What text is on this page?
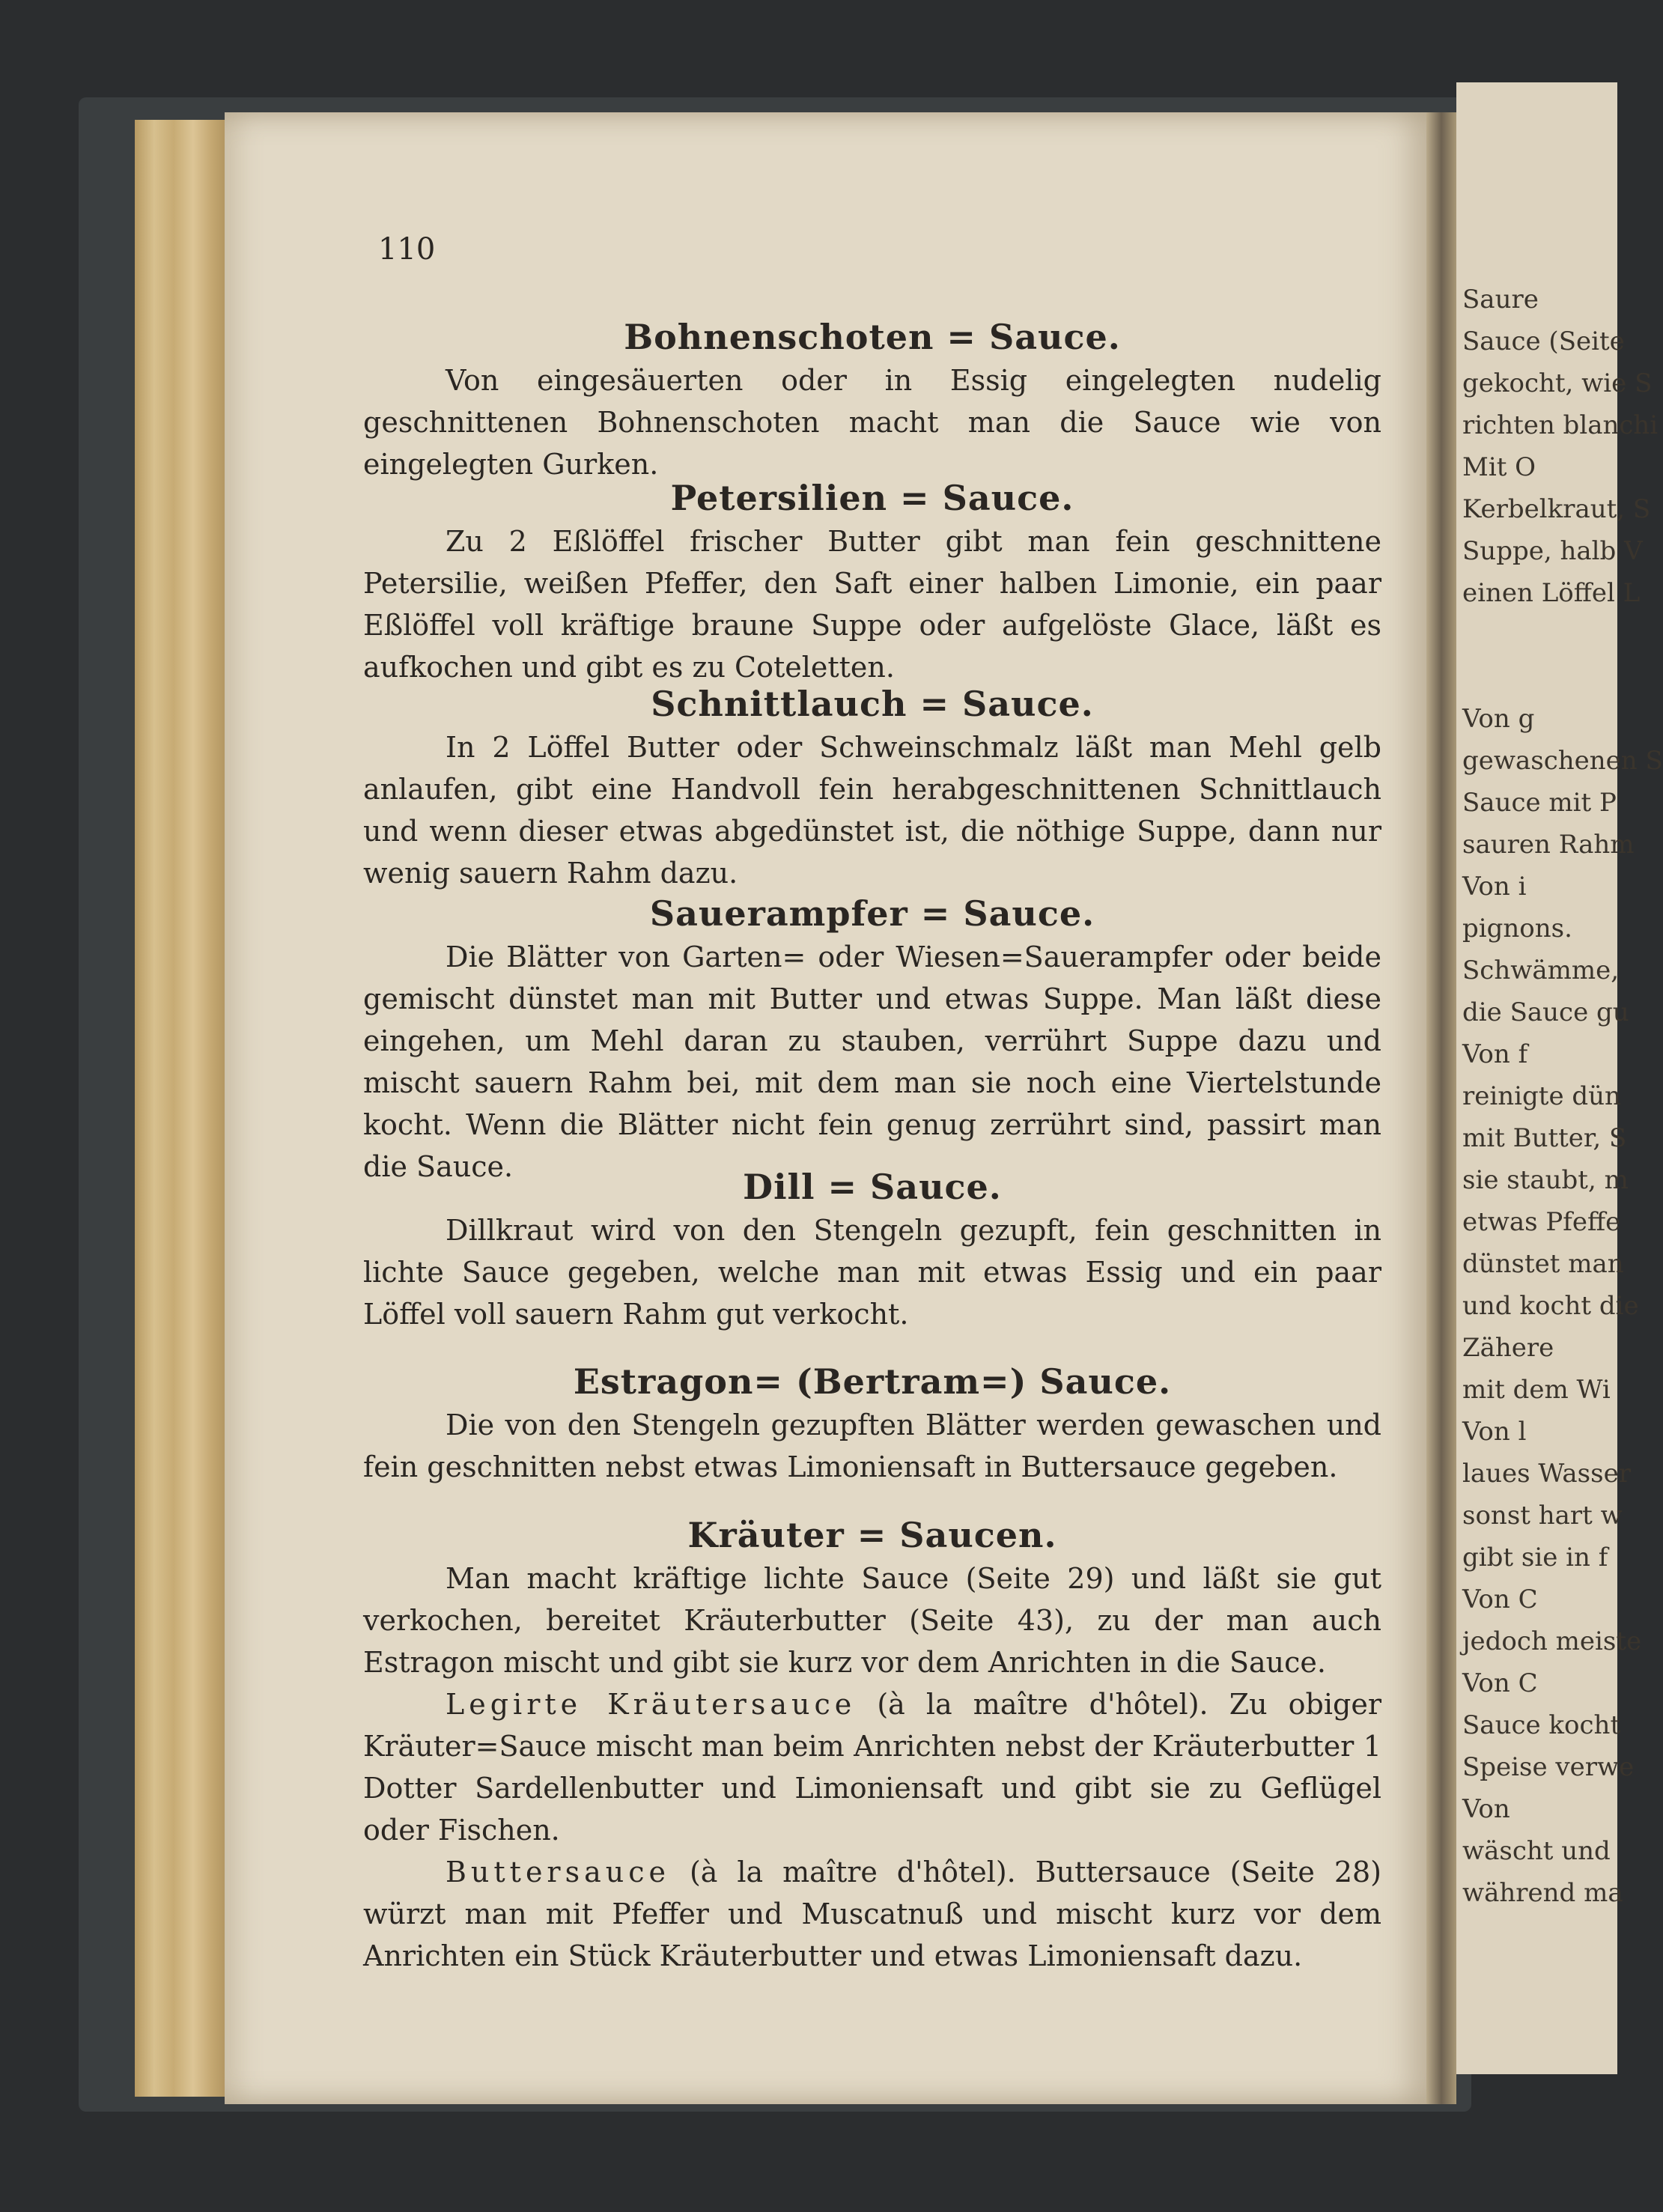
Saure
Sauce (Seite
gekocht, wie S
richten blanchi
Mit O
Kerbelkraut, S
Suppe, halb V
einen Löffel L
Von g
gewaschenen S
Sauce mit P
sauren Rahm
Von i
pignons.
Schwämme,
die Sauce gu
Von f
reinigte dün
mit Butter, S
sie staubt, m
etwas Pfeffe
dünstet man
und kocht die
Zähere
mit dem Wi
Von l
laues Wasser
sonst hart w
gibt sie in f
Von C
jedoch meiste
Von C
Sauce kocht
Speise verwe
Von
wäscht und
während ma
110
Bohnenschoten = Sauce.
Von eingesäuerten oder in Essig eingelegten nudelig geschnittenen Bohnenschoten macht man die Sauce wie von eingelegten Gurken.
Petersilien = Sauce.
Zu 2 Eßlöffel frischer Butter gibt man fein geschnittene Petersilie, weißen Pfeffer, den Saft einer halben Limonie, ein paar Eßlöffel voll kräftige braune Suppe oder aufgelöste Glace, läßt es aufkochen und gibt es zu Coteletten.
Schnittlauch = Sauce.
In 2 Löffel Butter oder Schweinschmalz läßt man Mehl gelb anlaufen, gibt eine Handvoll fein herabgeschnittenen Schnittlauch und wenn dieser etwas abgedünstet ist, die nöthige Suppe, dann nur wenig sauern Rahm dazu.
Sauerampfer = Sauce.
Die Blätter von Garten= oder Wiesen=Sauerampfer oder beide gemischt dünstet man mit Butter und etwas Suppe. Man läßt diese eingehen, um Mehl daran zu stauben, verrührt Suppe dazu und mischt sauern Rahm bei, mit dem man sie noch eine Viertelstunde kocht. Wenn die Blätter nicht fein genug zerrührt sind, passirt man die Sauce.	Dill = Sauce.
Dillkraut wird von den Stengeln gezupft, fein geschnitten in lichte Sauce gegeben, welche man mit etwas Essig und ein paar Löffel voll sauern Rahm gut verkocht.
Estragon= (Bertram=) Sauce.
Die von den Stengeln gezupften Blätter werden gewaschen und fein geschnitten nebst etwas Limoniensaft in Buttersauce gegeben.
Kräuter = Saucen.
Man macht kräftige lichte Sauce (Seite 29) und läßt sie gut verkochen, bereitet Kräuterbutter (Seite 43), zu der man auch Estragon mischt und gibt sie kurz vor dem Anrichten in die Sauce.
Legirte Kräutersauce (à la maître d'hôtel). Zu obiger Kräuter=Sauce mischt man beim Anrichten nebst der Kräuterbutter 1 Dotter Sardellenbutter und Limoniensaft und gibt sie zu Geflügel oder Fischen.
Buttersauce (à la maître d'hôtel). Buttersauce (Seite 28) würzt man mit Pfeffer und Muscatnuß und mischt kurz vor dem Anrichten ein Stück Kräuterbutter und etwas Limoniensaft dazu.
